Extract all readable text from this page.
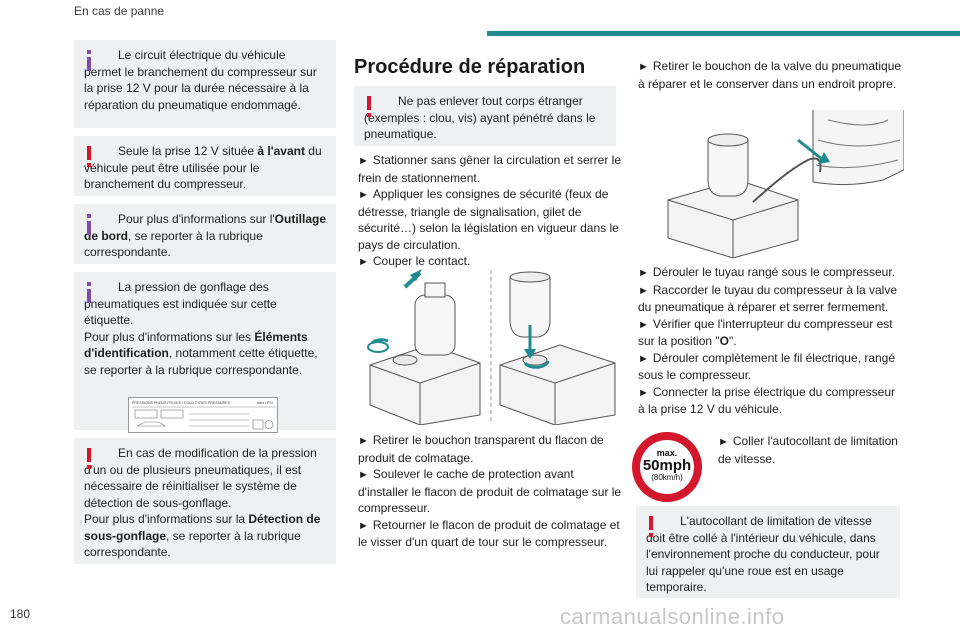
En cas de panne

Le circuit électrique du véhicule permet le branchement du compresseur sur la prise 12 V pour la durée nécessaire à la réparation du pneumatique endommagé.

Seule la prise 12 V située à l'avant du véhicule peut être utilisée pour le branchement du compresseur.

Pour plus d'informations sur l'Outillage de bord, se reporter à la rubrique correspondante.

La pression de gonflage des pneumatiques est indiquée sur cette étiquette.

Pour plus d'informations sur les Éléments d'identification, notamment cette étiquette, se reporter à la rubrique correspondante.

PRESSIONS PNEUS FROIDS / COLD TYRES PRESSURES	bars / PSI

En cas de modification de la pression d'un ou de plusieurs pneumatiques, il est nécessaire de réinitialiser le système de détection de sous-gonflage.

Pour plus d'informations sur la Détection de sous-gonflage, se reporter à la rubrique correspondante.

Procédure de réparation

Ne pas enlever tout corps étranger (exemples : clou, vis) ayant pénétré dans le pneumatique.

► Stationner sans gêner la circulation et serrer le frein de stationnement.
► Appliquer les consignes de sécurité (feux de détresse, triangle de signalisation, gilet de sécurité…) selon la législation en vigueur dans le pays de circulation.
► Couper le contact.
► Retirer le bouchon transparent du flacon de produit de colmatage.
► Soulever le cache de protection avant d'installer le flacon de produit de colmatage sur le compresseur.
► Retourner le flacon de produit de colmatage et le visser d'un quart de tour sur le compresseur.
► Retirer le bouchon de la valve du pneumatique à réparer et le conserver dans un endroit propre.
► Dérouler le tuyau rangé sous le compresseur.
► Raccorder le tuyau du compresseur à la valve du pneumatique à réparer et serrer fermement.
► Vérifier que l'interrupteur du compresseur est sur la position "O".
► Dérouler complètement le fil électrique, rangé sous le compresseur.
► Connecter la prise électrique du compresseur à la prise 12 V du véhicule.
max.
50mph
(80km/h)
► Coller l'autocollant de limitation de vitesse.

L'autocollant de limitation de vitesse doit être collé à l'intérieur du véhicule, dans l'environnement proche du conducteur, pour lui rappeler qu'une roue est en usage temporaire.

180	carmanualsonline.info
